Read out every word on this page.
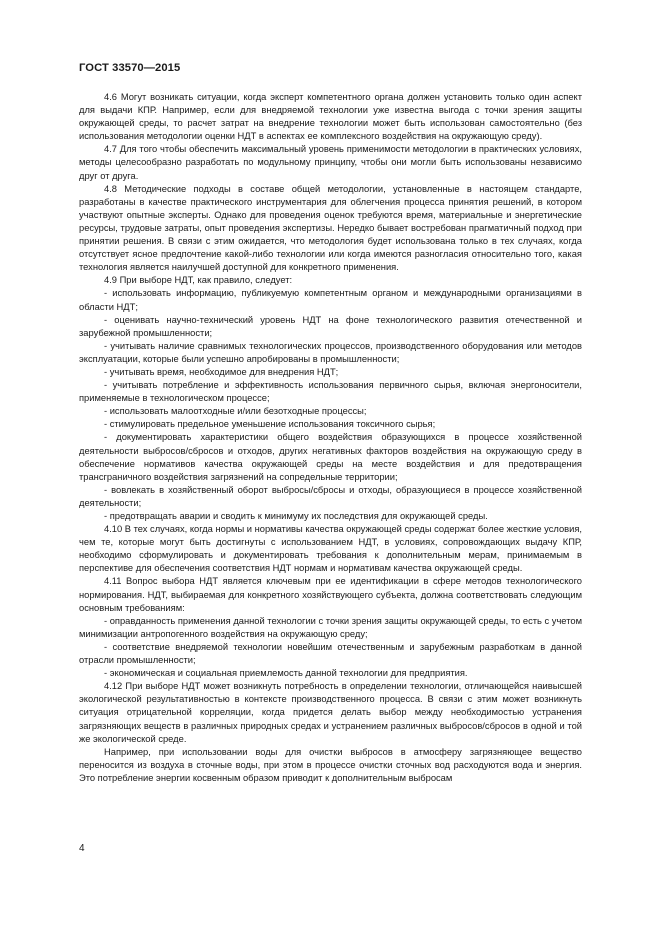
ГОСТ 33570—2015

4.6 Могут возникать ситуации, когда эксперт компетентного органа должен установить только один аспект для выдачи КПР. Например, если для внедряемой технологии уже известна выгода с точки зрения защиты окружающей среды, то расчет затрат на внедрение технологии может быть использован самостоятельно (без использования методологии оценки НДТ в аспектах ее комплексного воздействия на окружающую среду).

4.7 Для того чтобы обеспечить максимальный уровень применимости методологии в практических условиях, методы целесообразно разработать по модульному принципу, чтобы они могли быть использованы независимо друг от друга.

4.8 Методические подходы в составе общей методологии, установленные в настоящем стандарте, разработаны в качестве практического инструментария для облегчения процесса принятия решений, в котором участвуют опытные эксперты. Однако для проведения оценок требуются время, материальные и энергетические ресурсы, трудовые затраты, опыт проведения экспертизы. Нередко бывает востребован прагматичный подход при принятии решения. В связи с этим ожидается, что методология будет использована только в тех случаях, когда отсутствует ясное предпочтение какой-либо технологии или когда имеются разногласия относительно того, какая технология является наилучшей доступной для конкретного применения.

4.9 При выборе НДТ, как правило, следует:

- использовать информацию, публикуемую компетентным органом и международными организациями в области НДТ;

- оценивать научно-технический уровень НДТ на фоне технологического развития отечественной и зарубежной промышленности;

- учитывать наличие сравнимых технологических процессов, производственного оборудования или методов эксплуатации, которые были успешно апробированы в промышленности;

- учитывать время, необходимое для внедрения НДТ;

- учитывать потребление и эффективность использования первичного сырья, включая энергоносители, применяемые в технологическом процессе;

- использовать малоотходные и/или безотходные процессы;

- стимулировать предельное уменьшение использования токсичного сырья;

- документировать характеристики общего воздействия образующихся в процессе хозяйственной деятельности выбросов/сбросов и отходов, других негативных факторов воздействия на окружающую среду в обеспечение нормативов качества окружающей среды на месте воздействия и для предотвращения трансграничного воздействия загрязнений на сопредельные территории;

- вовлекать в хозяйственный оборот выбросы/сбросы и отходы, образующиеся в процессе хозяйственной деятельности;

- предотвращать аварии и сводить к минимуму их последствия для окружающей среды.

4.10 В тех случаях, когда нормы и нормативы качества окружающей среды содержат более жесткие условия, чем те, которые могут быть достигнуты с использованием НДТ, в условиях, сопровождающих выдачу КПР, необходимо сформулировать и документировать требования к дополнительным мерам, принимаемым в перспективе для обеспечения соответствия НДТ нормам и нормативам качества окружающей среды.

4.11 Вопрос выбора НДТ является ключевым при ее идентификации в сфере методов технологического нормирования. НДТ, выбираемая для конкретного хозяйствующего субъекта, должна соответствовать следующим основным требованиям:

- оправданность применения данной технологии с точки зрения защиты окружающей среды, то есть с учетом минимизации антропогенного воздействия на окружающую среду;

- соответствие внедряемой технологии новейшим отечественным и зарубежным разработкам в данной отрасли промышленности;

- экономическая и социальная приемлемость данной технологии для предприятия.

4.12 При выборе НДТ может возникнуть потребность в определении технологии, отличающейся наивысшей экологической результативностью в контексте производственного процесса. В связи с этим может возникнуть ситуация отрицательной корреляции, когда придется делать выбор между необходимостью устранения загрязняющих веществ в различных природных средах и устранением различных выбросов/сбросов в одной и той же экологической среде.

Например, при использовании воды для очистки выбросов в атмосферу загрязняющее вещество переносится из воздуха в сточные воды, при этом в процессе очистки сточных вод расходуются вода и энергия. Это потребление энергии косвенным образом приводит к дополнительным выбросам

4
